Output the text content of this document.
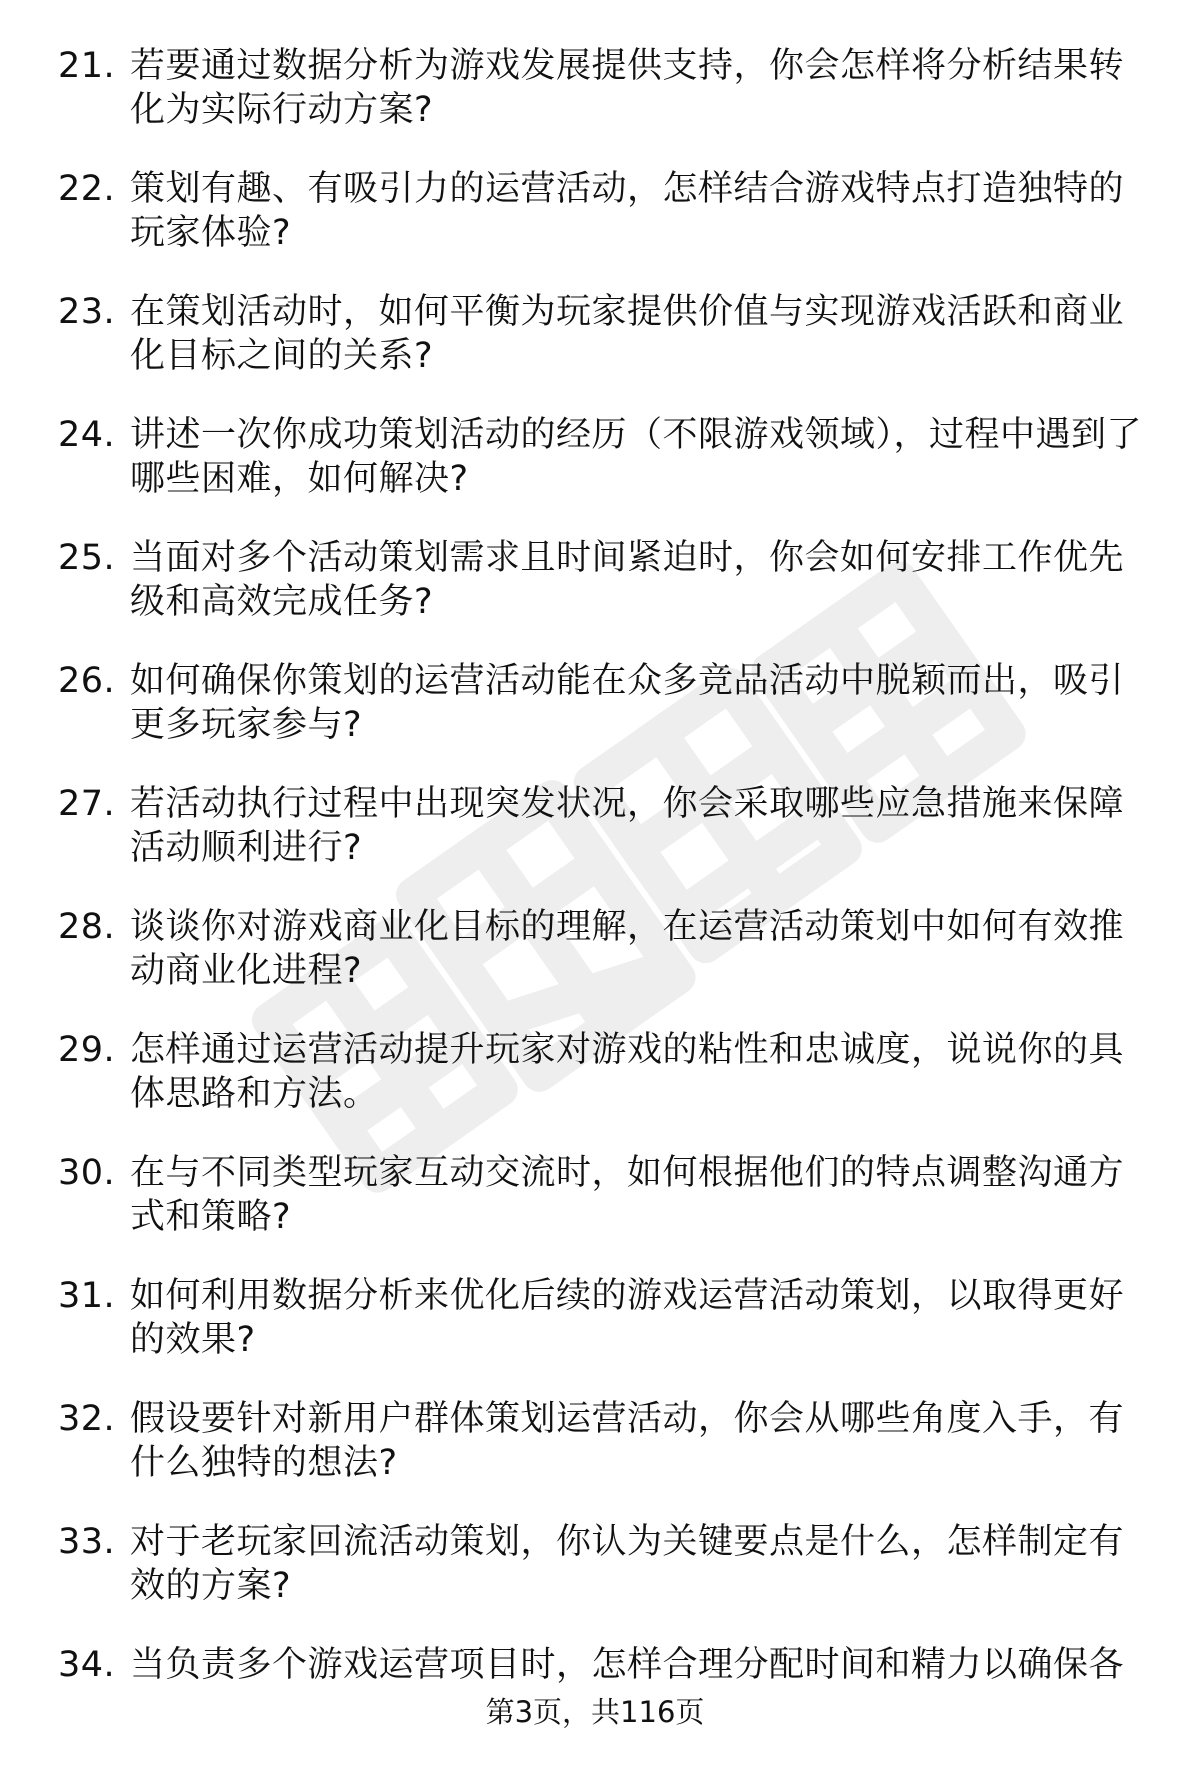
21. 若要通过数据分析为游戏发展提供支持，你会怎样将分析结果转化为实际行动方案?
22. 策划有趣、有吸引力的运营活动，怎样结合游戏特点打造独特的玩家体验?
23. 在策划活动时，如何平衡为玩家提供价值与实现游戏活跃和商业化目标之间的关系?
24. 讲述一次你成功策划活动的经历（不限游戏领域），过程中遇到了哪些困难，如何解决?
25. 当面对多个活动策划需求且时间紧迫时，你会如何安排工作优先级和高效完成任务?
26. 如何确保你策划的运营活动能在众多竞品活动中脱颖而出，吸引更多玩家参与?
27. 若活动执行过程中出现突发状况，你会采取哪些应急措施来保障活动顺利进行?
28. 谈谈你对游戏商业化目标的理解，在运营活动策划中如何有效推动商业化进程?
29. 怎样通过运营活动提升玩家对游戏的粘性和忠诚度，说说你的具体思路和方法。
30. 在与不同类型玩家互动交流时，如何根据他们的特点调整沟通方式和策略?
31. 如何利用数据分析来优化后续的游戏运营活动策划，以取得更好的效果?
32. 假设要针对新用户群体策划运营活动，你会从哪些角度入手，有什么独特的想法?
33. 对于老玩家回流活动策划，你认为关键要点是什么，怎样制定有效的方案?
34. 当负责多个游戏运营项目时，怎样合理分配时间和精力以确保各
第3页，共116页
